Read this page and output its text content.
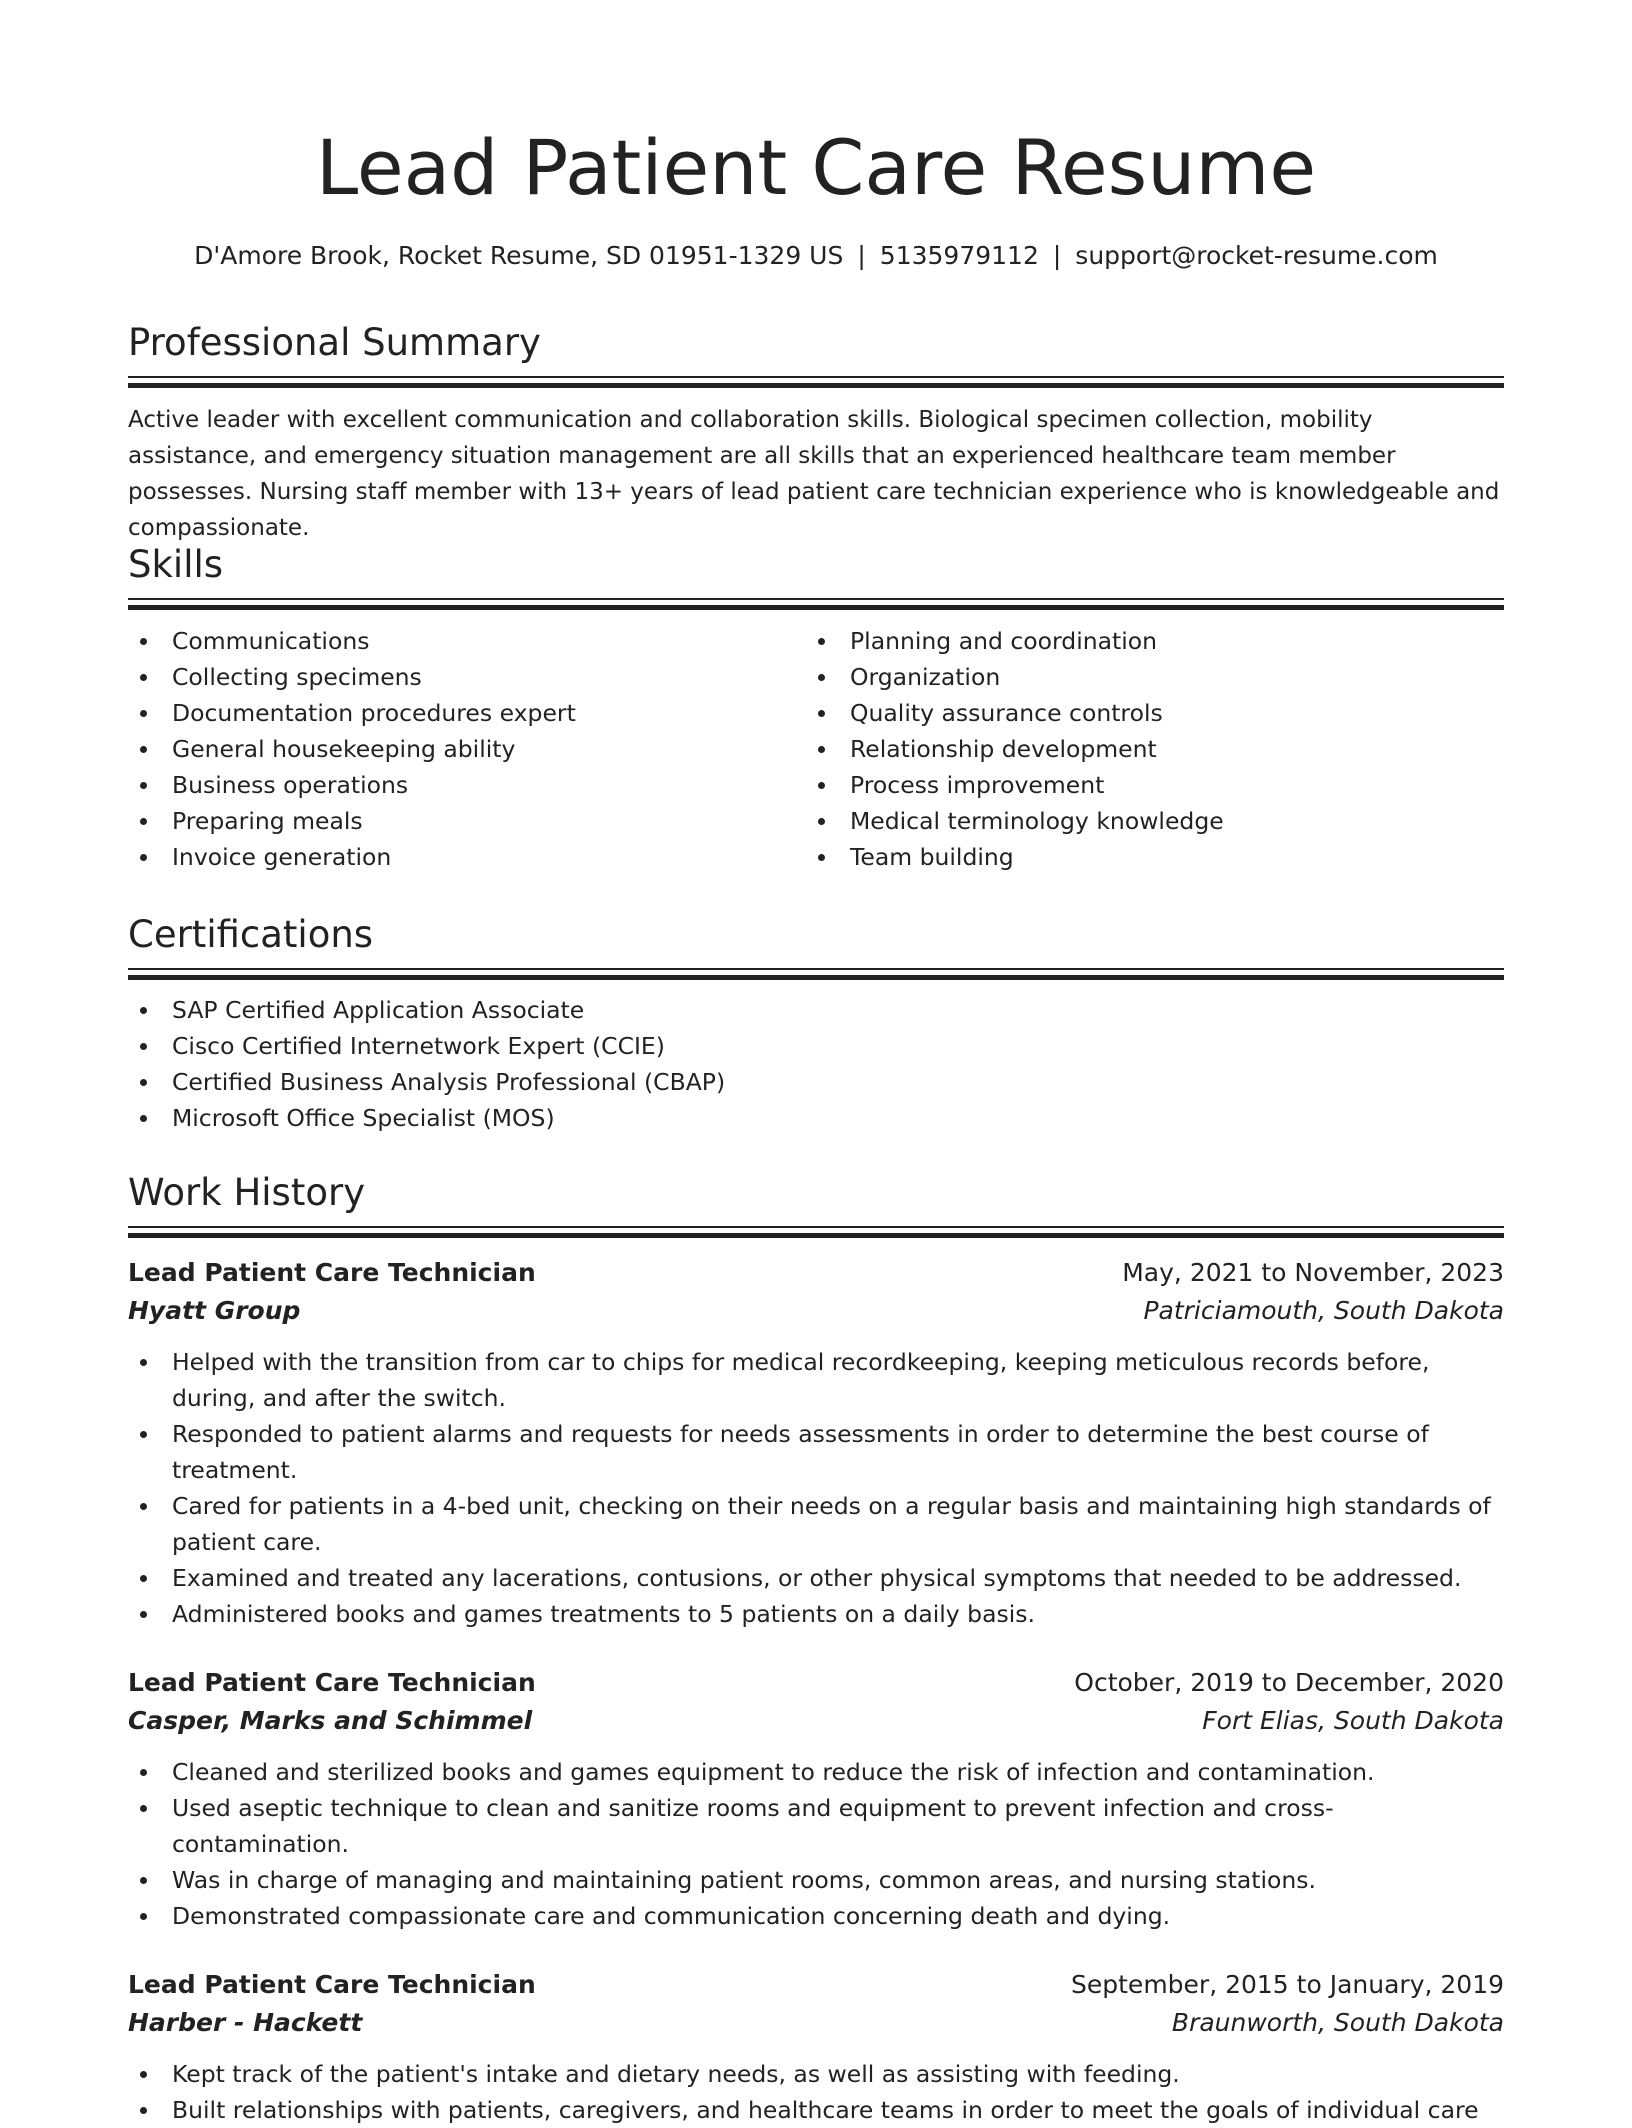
Lead Patient Care Resume
D'Amore Brook, Rocket Resume, SD 01951-1329 US | 5135979112 | support@rocket-resume.com
Professional Summary
Active leader with excellent communication and collaboration skills. Biological specimen collection, mobility assistance, and emergency situation management are all skills that an experienced healthcare team member possesses. Nursing staff member with 13+ years of lead patient care technician experience who is knowledgeable and compassionate.
Skills
Communications
Collecting specimens
Documentation procedures expert
General housekeeping ability
Business operations
Preparing meals
Invoice generation
Planning and coordination
Organization
Quality assurance controls
Relationship development
Process improvement
Medical terminology knowledge
Team building
Certifications
SAP Certified Application Associate
Cisco Certified Internetwork Expert (CCIE)
Certified Business Analysis Professional (CBAP)
Microsoft Office Specialist (MOS)
Work History
Lead Patient Care Technician	May, 2021 to November, 2023
Hyatt Group	Patriciamouth, South Dakota
Helped with the transition from car to chips for medical recordkeeping, keeping meticulous records before, during, and after the switch.
Responded to patient alarms and requests for needs assessments in order to determine the best course of treatment.
Cared for patients in a 4-bed unit, checking on their needs on a regular basis and maintaining high standards of patient care.
Examined and treated any lacerations, contusions, or other physical symptoms that needed to be addressed.
Administered books and games treatments to 5 patients on a daily basis.
Lead Patient Care Technician	October, 2019 to December, 2020
Casper, Marks and Schimmel	Fort Elias, South Dakota
Cleaned and sterilized books and games equipment to reduce the risk of infection and contamination.
Used aseptic technique to clean and sanitize rooms and equipment to prevent infection and cross-contamination.
Was in charge of managing and maintaining patient rooms, common areas, and nursing stations.
Demonstrated compassionate care and communication concerning death and dying.
Lead Patient Care Technician	September, 2015 to January, 2019
Harber - Hackett	Braunworth, South Dakota
Kept track of the patient's intake and dietary needs, as well as assisting with feeding.
Built relationships with patients, caregivers, and healthcare teams in order to meet the goals of individual care
